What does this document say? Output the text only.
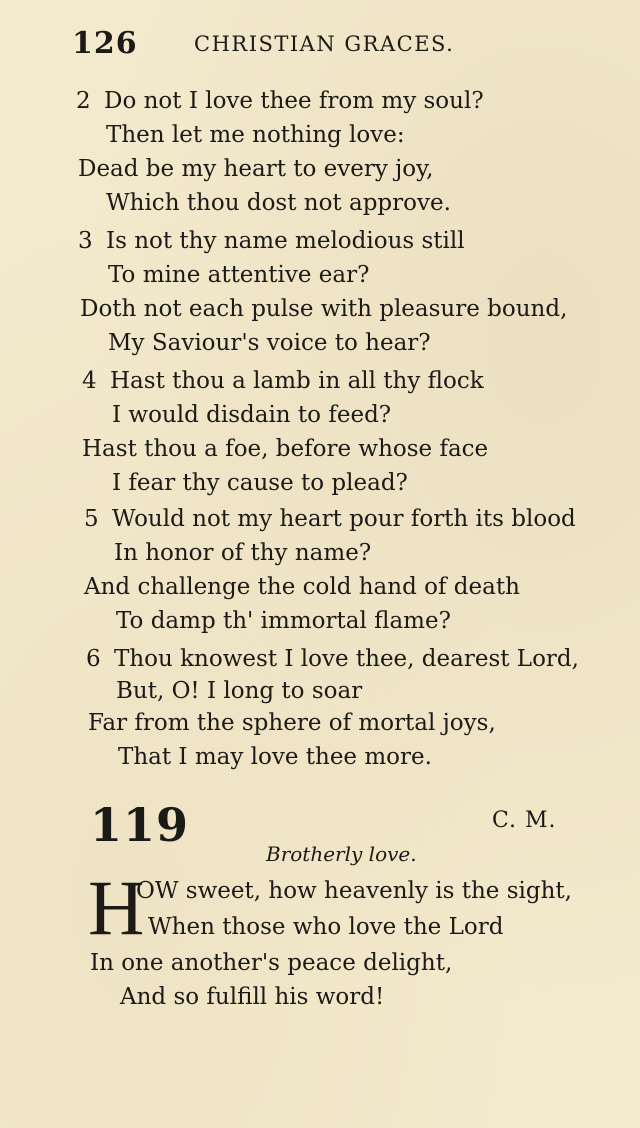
126	CHRISTIAN GRACES.
2 Do not I love thee from my soul?
Then let me nothing love:
Dead be my heart to every joy,
Which thou dost not approve.
3 Is not thy name melodious still
To mine attentive ear?
Doth not each pulse with pleasure bound,
My Saviour's voice to hear?
4 Hast thou a lamb in all thy flock
I would disdain to feed?
Hast thou a foe, before whose face
I fear thy cause to plead?
5 Would not my heart pour forth its blood
In honor of thy name?
And challenge the cold hand of death
To damp th' immortal flame?
6 Thou knowest I love thee, dearest Lord,
But, O! I long to soar
Far from the sphere of mortal joys,
That I may love thee more.
119	C. M.
Brotherly love.
H
OW sweet, how heavenly is the sight,
When those who love the Lord
In one another's peace delight,
And so fulfill his word!
